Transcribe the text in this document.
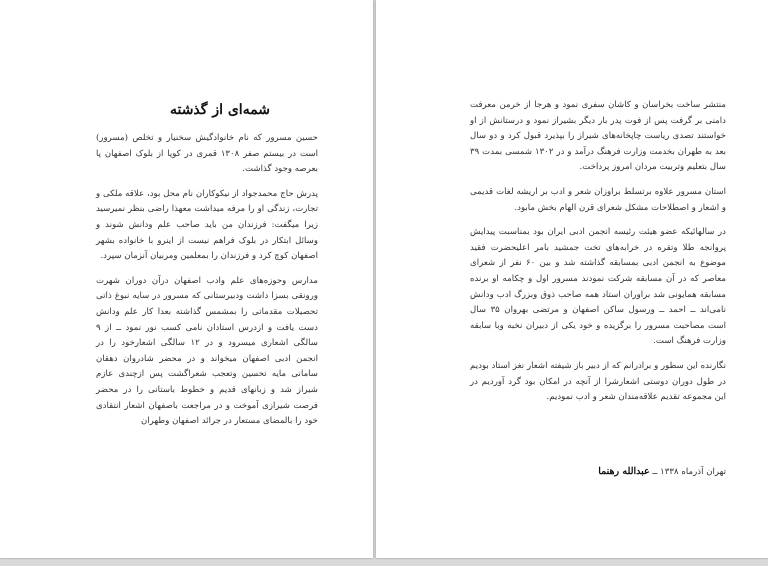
شمه‌ای از گذشته

حسین مسرور که نام خانوادگیش سخنیار و تخلص (مسرور) است در بیستم صفر ۱۳۰۸ قمری در کوپا از بلوک اصفهان پا بعرصه وجود گذاشت.

پدرش حاج محمدجواد از نیکوکاران نام محل بود، علاقه ملکی و تجارت، زندگی او را مرفه میداشت معهذا راضی بنظر نمیرسید زیرا میگفت: فرزندان من باید صاحب علم ودانش شوند و وسائل ابتکار در بلوک فراهم نیست از اینرو با خانواده بشهر اصفهان کوچ کرد و فرزندان را بمعلمین ومربیان آنزمان سپرد.

مدارس وحوزه‌های علم وادب اصفهان درآن دوران شهرت ورونقی بسزا داشت ودبیرستانی که مسرور در سایه نبوغ ذاتی تحصیلات مقدماتی را بمشمس گذاشته بعدا کار علم ودانش دست یافت و ازدرس استادان نامی کسب نور نمود ــ از ۹ سالگی اشعاری میسرود و در ۱۲ سالگی اشعارخود را در انجمن ادبی اصفهان میخواند و در محضر شادروان دهقان سامانی مایه تحسین وتعجب شعراگشت پس ازچندی عازم شیراز شد و زبانهای قدیم و خطوط باستانی را در محضر فرصت شیرازی آموخت و در مراجعت باصفهان اشعار انتقادی خود را بالمضای مستعار در جرائد اصفهان وطهران

منتشر ساخت بخراسان و کاشان سفری نمود و هرجا از خرمن معرفت دامنی بر گرفت پس از فوت پدر بار دیگر بشیراز نمود و درستانش از او خواستند تصدی ریاست چاپخانه‌های شیراز را بپذیرد قبول کرد و دو سال بعد به طهران بخدمت وزارت فرهنگ درآمد و در ۱۳۰۲ شمسی بمدت ۳۹ سال بتعلیم وتربیت مردان امروز پرداخت.

استان مسرور علاوه برتسلط براوزان شعر و ادب بر اریشه لغات قدیمی و اشعار و اصطلاحات مشکل شعرای قرن الهام بخش مابود.

در سالهائیکه عضو هیئت رئیسه انجمن ادبی ایران بود بمناسبت پیدایش پروانجه طلا وتقره در خرابه‌های تخت جمشید بامر اعلیحضرت فقید موضوع به انجمن ادبی بمسابقه گذاشته شد و بین ۶۰ نفر از شعرای معاصر که در آن مسابقه شرکت نمودند مسرور اول و چکامه او برنده مسابقه همایونی شد براوران استاد همه صاحب ذوق وبزرگ ادب ودانش نامی‌اند ــ احمد ــ ورسول ساکن اصفهان و مرتضی بهروان ۳۵ سال است مصاحبت مسرور را برگزیده و خود یکی از دبیران نخبه وبا سابقه وزارت فرهنگ است.

نگارنده این سطور و برادرانم که از دبیر باز شیفته اشعار نغز استاد بودیم در طول دوران دوستی اشعارشرا از آنچه در امکان بود گرد آوردیم در این مجموعه تقدیم علاقه‌مندان شعر و ادب نمودیم.

تهران آذرماه ۱۳۳۸ ــ عبدالله رهنما
